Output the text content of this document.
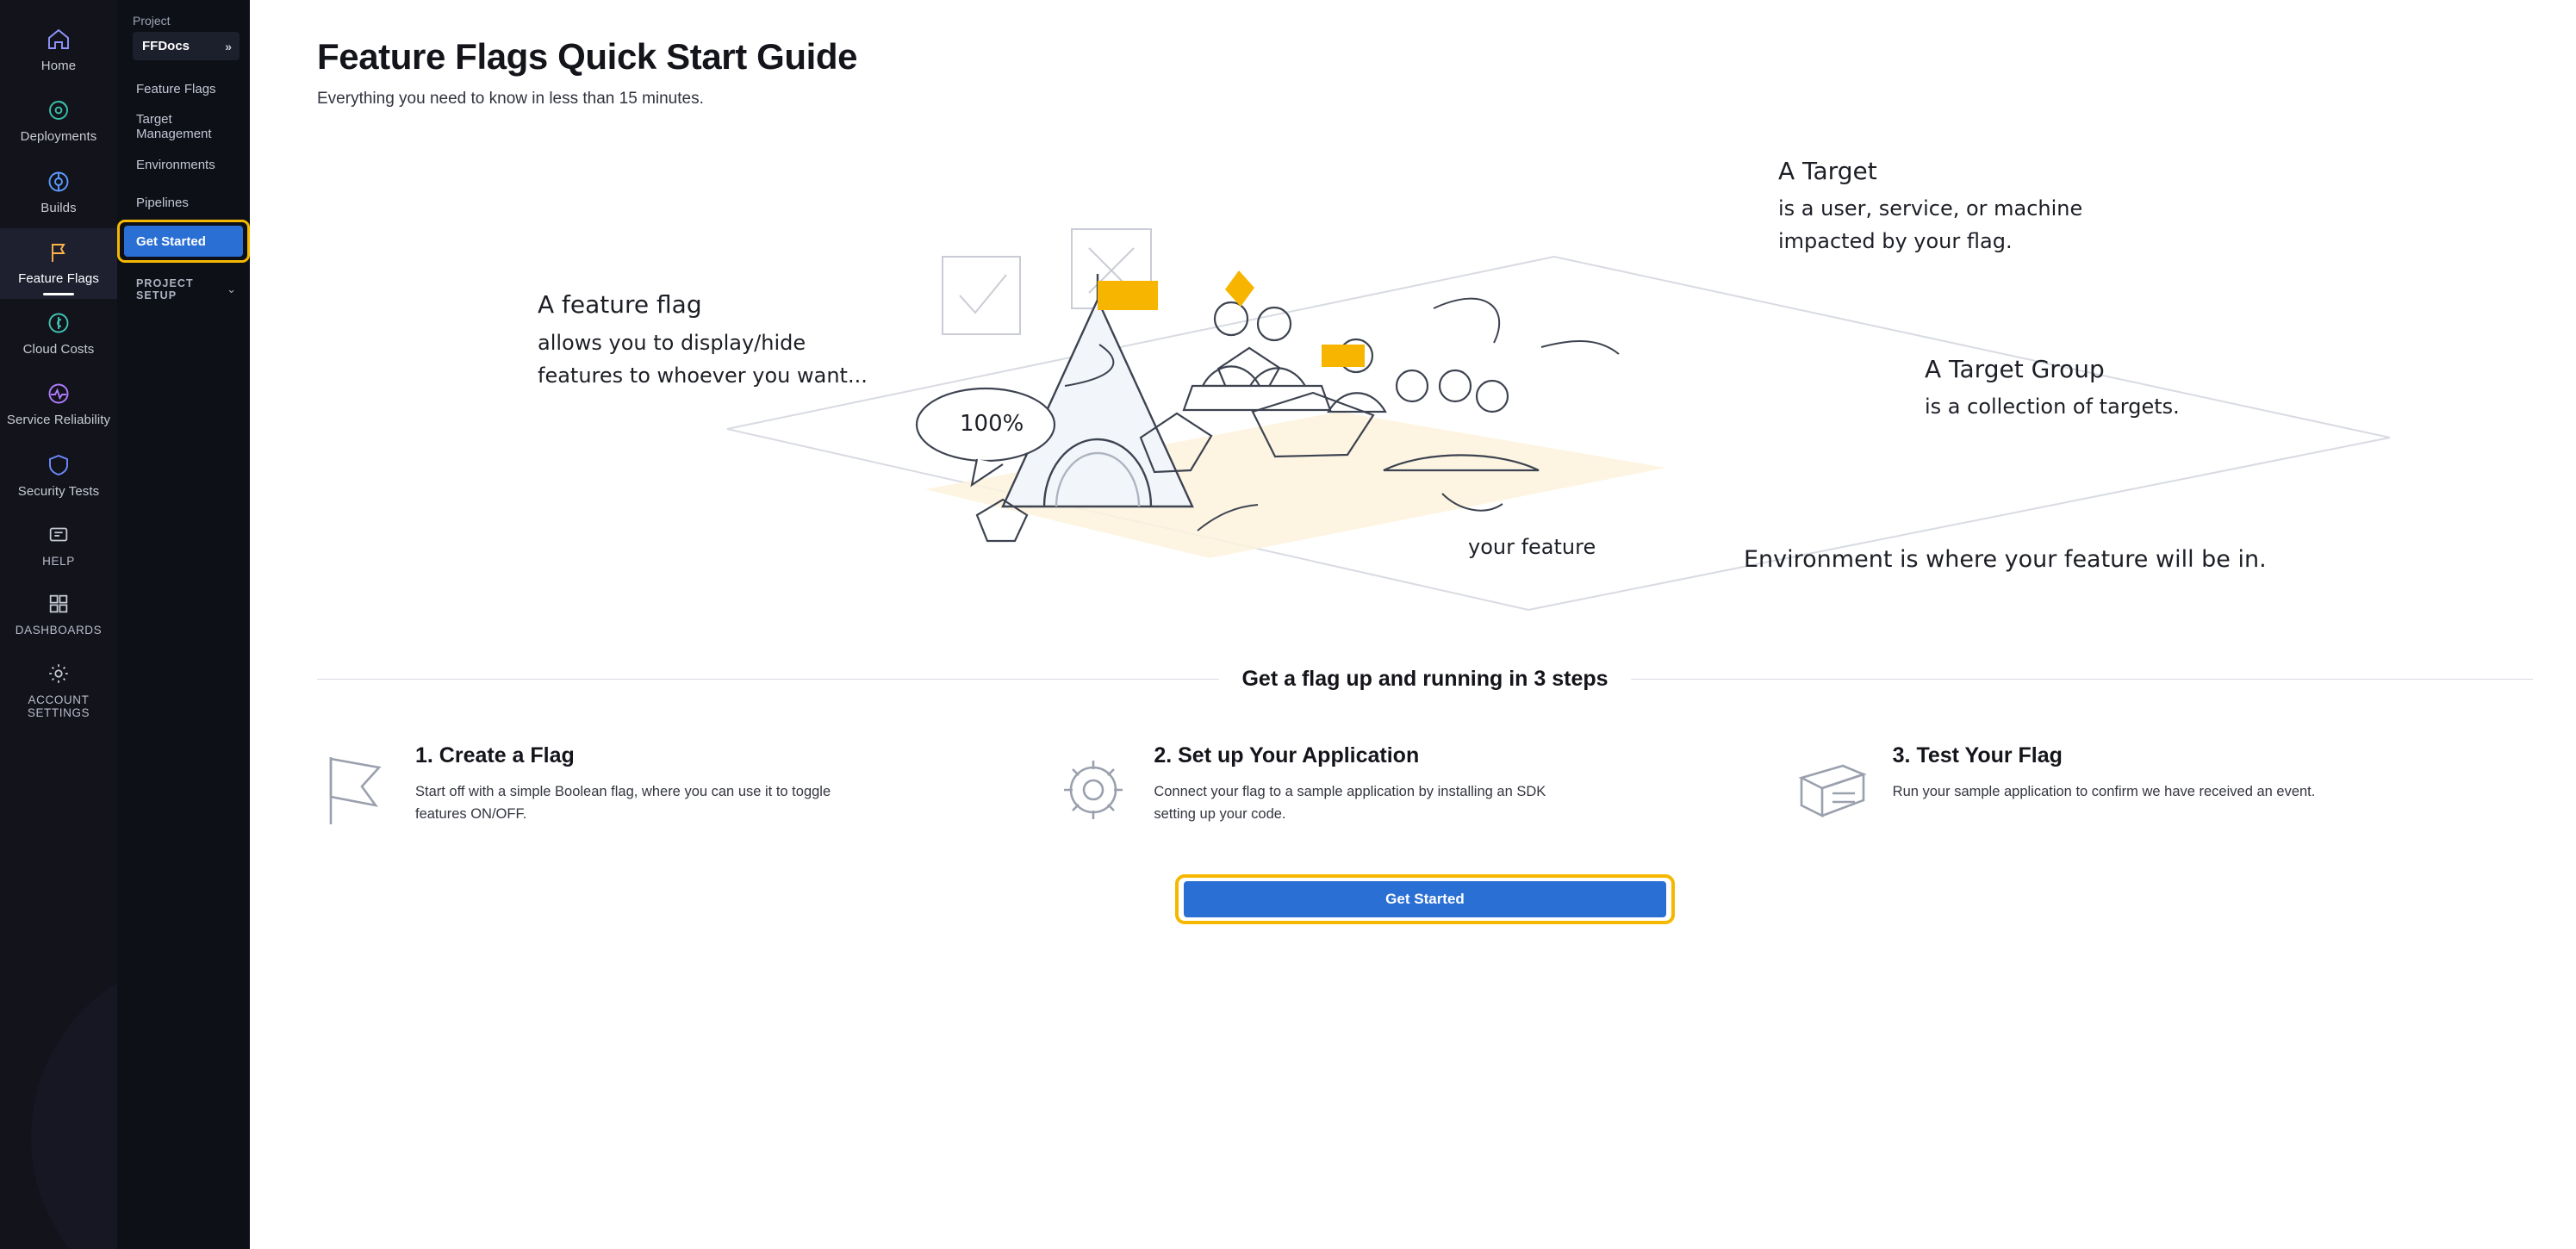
Home
Deployments
Builds
Feature Flags
Cloud Costs
Service Reliability
Security Tests
HELP
DASHBOARDS
ACCOUNT SETTINGS
Project
FFDocs	»
Feature Flags
Target Management
Environments
Pipelines
Get Started
PROJECT SETUP	⌄
Feature Flags Quick Start Guide
Everything you need to know in less than 15 minutes.
100%
A feature flag
allows you to display/hide
features to whoever you want...
A Target
is a user, service, or machine
impacted by your flag.
A Target Group
is a collection of targets.
Environment is where your feature will be in.
your feature
Get a flag up and running in 3 steps
1. Create a Flag
Start off with a simple Boolean flag, where you can use it to toggle features ON/OFF.
2. Set up Your Application
Connect your flag to a sample application by installing an SDK setting up your code.
3. Test Your Flag
Run your sample application to confirm we have received an event.
Get Started
